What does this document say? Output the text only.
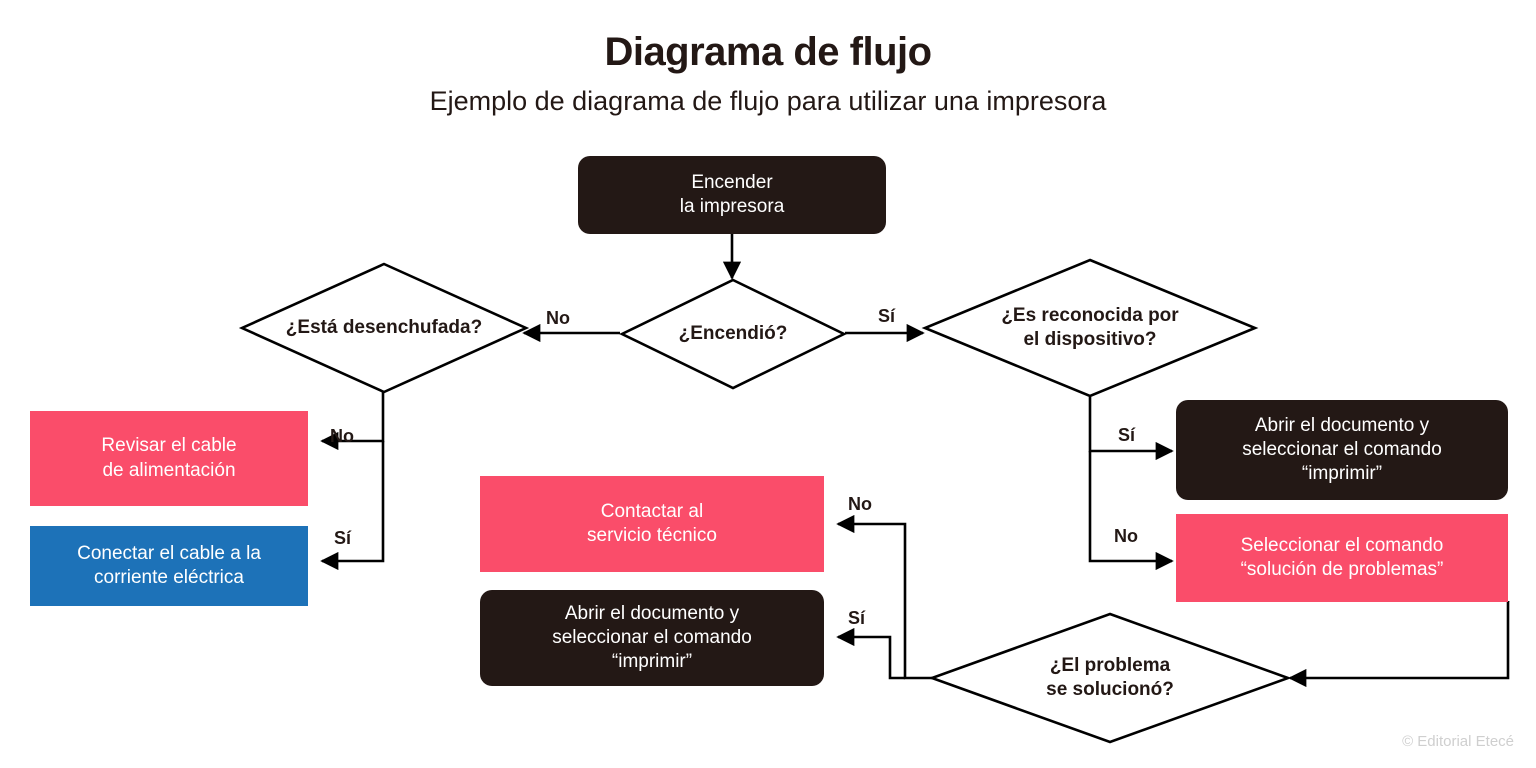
Diagrama de flujo
Ejemplo de diagrama de flujo para utilizar una impresora
Encender
la impresora
¿Encendió?
¿Está desenchufada?
Revisar el cable
de alimentación
Conectar el cable a la
corriente eléctrica
¿Es reconocida por
el dispositivo?
Abrir el documento y
seleccionar el comando
“imprimir”
Seleccionar el comando
“solución de problemas”
¿El problema
se solucionó?
Contactar al
servicio técnico
Abrir el documento y
seleccionar el comando
“imprimir”
No	Sí
No
Sí
Sí
No
No
Sí
© Editorial Etecé
